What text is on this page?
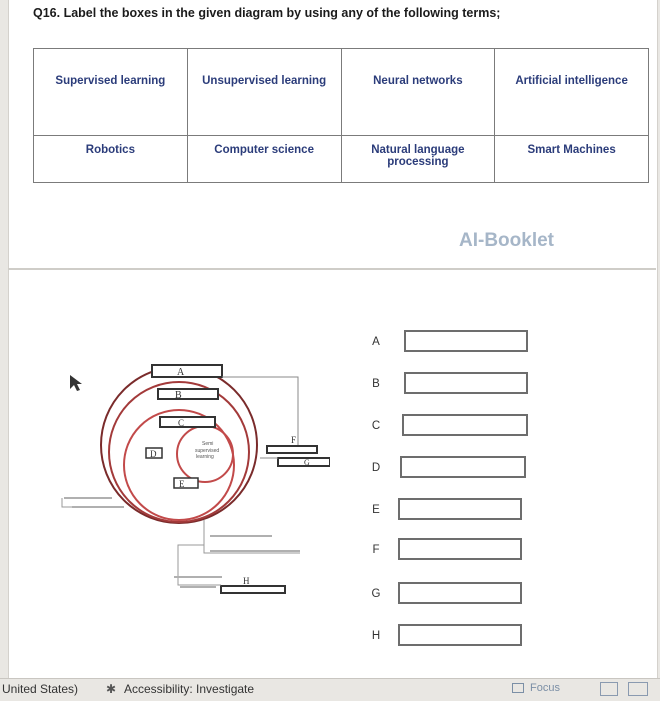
Q16. Label the boxes in the given diagram by using any of the following terms;
Supervised learning	Unsupervised learning	Neural networks	Artificial intelligence
Robotics	Computer science	Natural language processing	Smart Machines
AI-Booklet
A
B
C
D
E
F
G
H
Semi
supervised
learning
A
B
C
D
E
F
G
H
United States) ✱ Accessibility: Investigate	Focus
